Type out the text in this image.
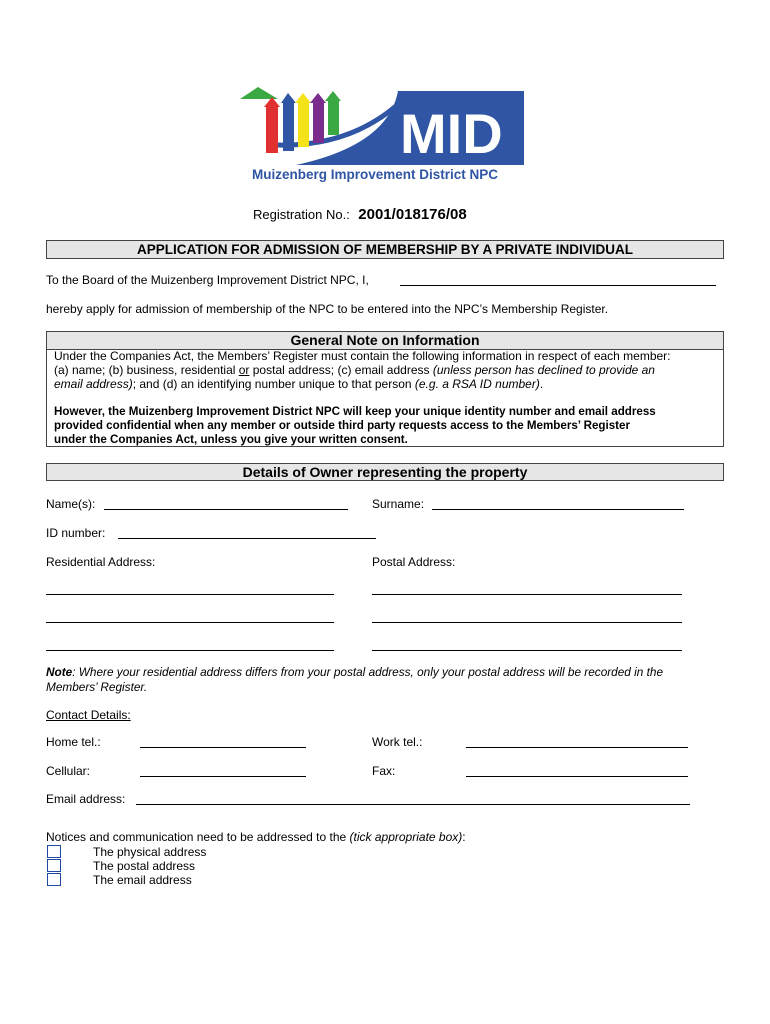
MID
Muizenberg Improvement District NPC
Registration No.: 2001/018176/08
APPLICATION FOR ADMISSION OF MEMBERSHIP BY A PRIVATE INDIVIDUAL
To the Board of the Muizenberg Improvement District NPC, I,
hereby apply for admission of membership of the NPC to be entered into the NPC’s Membership Register.
General Note on Information
Under the Companies Act, the Members’ Register must contain the following information in respect of each member:
(a) name; (b) business, residential or postal address; (c) email address (unless person has declined to provide an
email address); and (d) an identifying number unique to that person (e.g. a RSA ID number).
However, the Muizenberg Improvement District NPC will keep your unique identity number and email address
provided confidential when any member or outside third party requests access to the Members’ Register
under the Companies Act, unless you give your written consent.
Details of Owner representing the property
Name(s):	Surname:
ID number:
Residential Address:	Postal Address:
Note: Where your residential address differs from your postal address, only your postal address will be recorded in the
Members’ Register.
Contact Details:
Home tel.:	Work tel.:
Cellular:	Fax:
Email address:
Notices and communication need to be addressed to the (tick appropriate box):
The physical address
The postal address
The email address
